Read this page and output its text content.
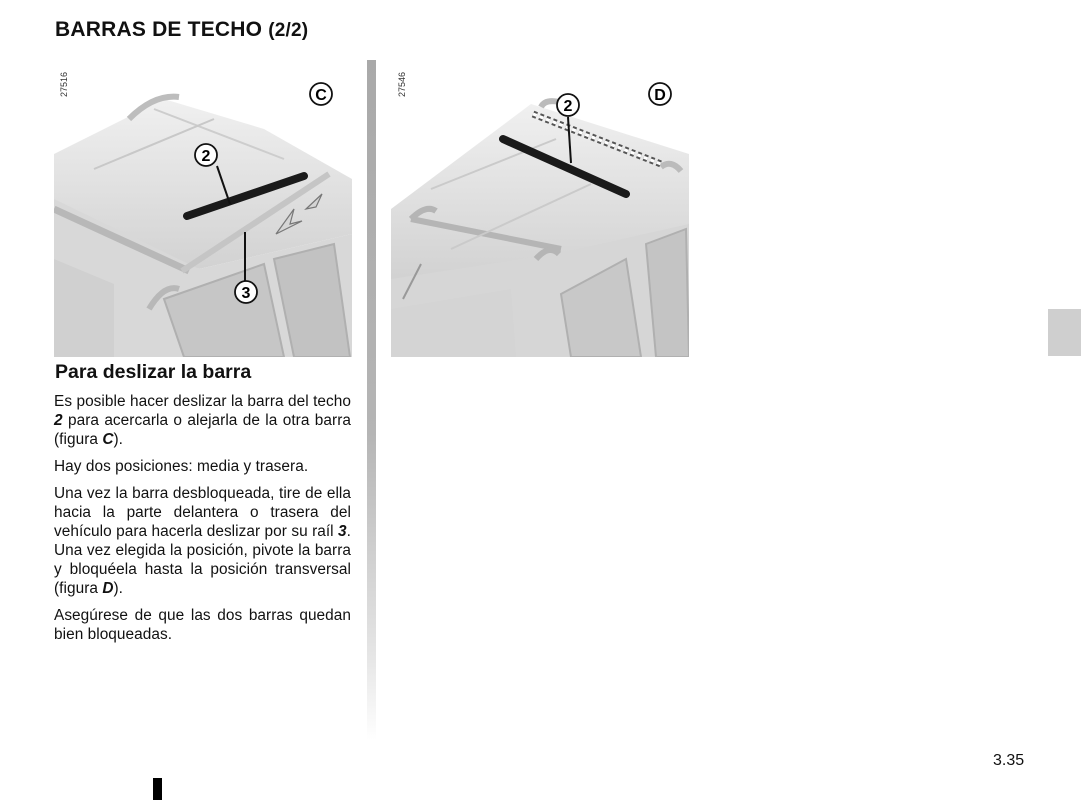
BARRAS DE TECHO (2/2)
2
3
C
27516
2
D
27546
Para deslizar la barra

Es posible hacer deslizar la barra del techo 2 para acercarla o alejarla de la otra barra (figura C).

Hay dos posiciones: media y trasera.

Una vez la barra desbloqueada, tire de ella hacia la parte delantera o trasera del vehículo para hacerla deslizar por su raíl 3. Una vez elegida la posición, pivote la barra y bloquéela hasta la posición transversal (figura D).

Asegúrese de que las dos barras quedan bien bloqueadas.

3.35
